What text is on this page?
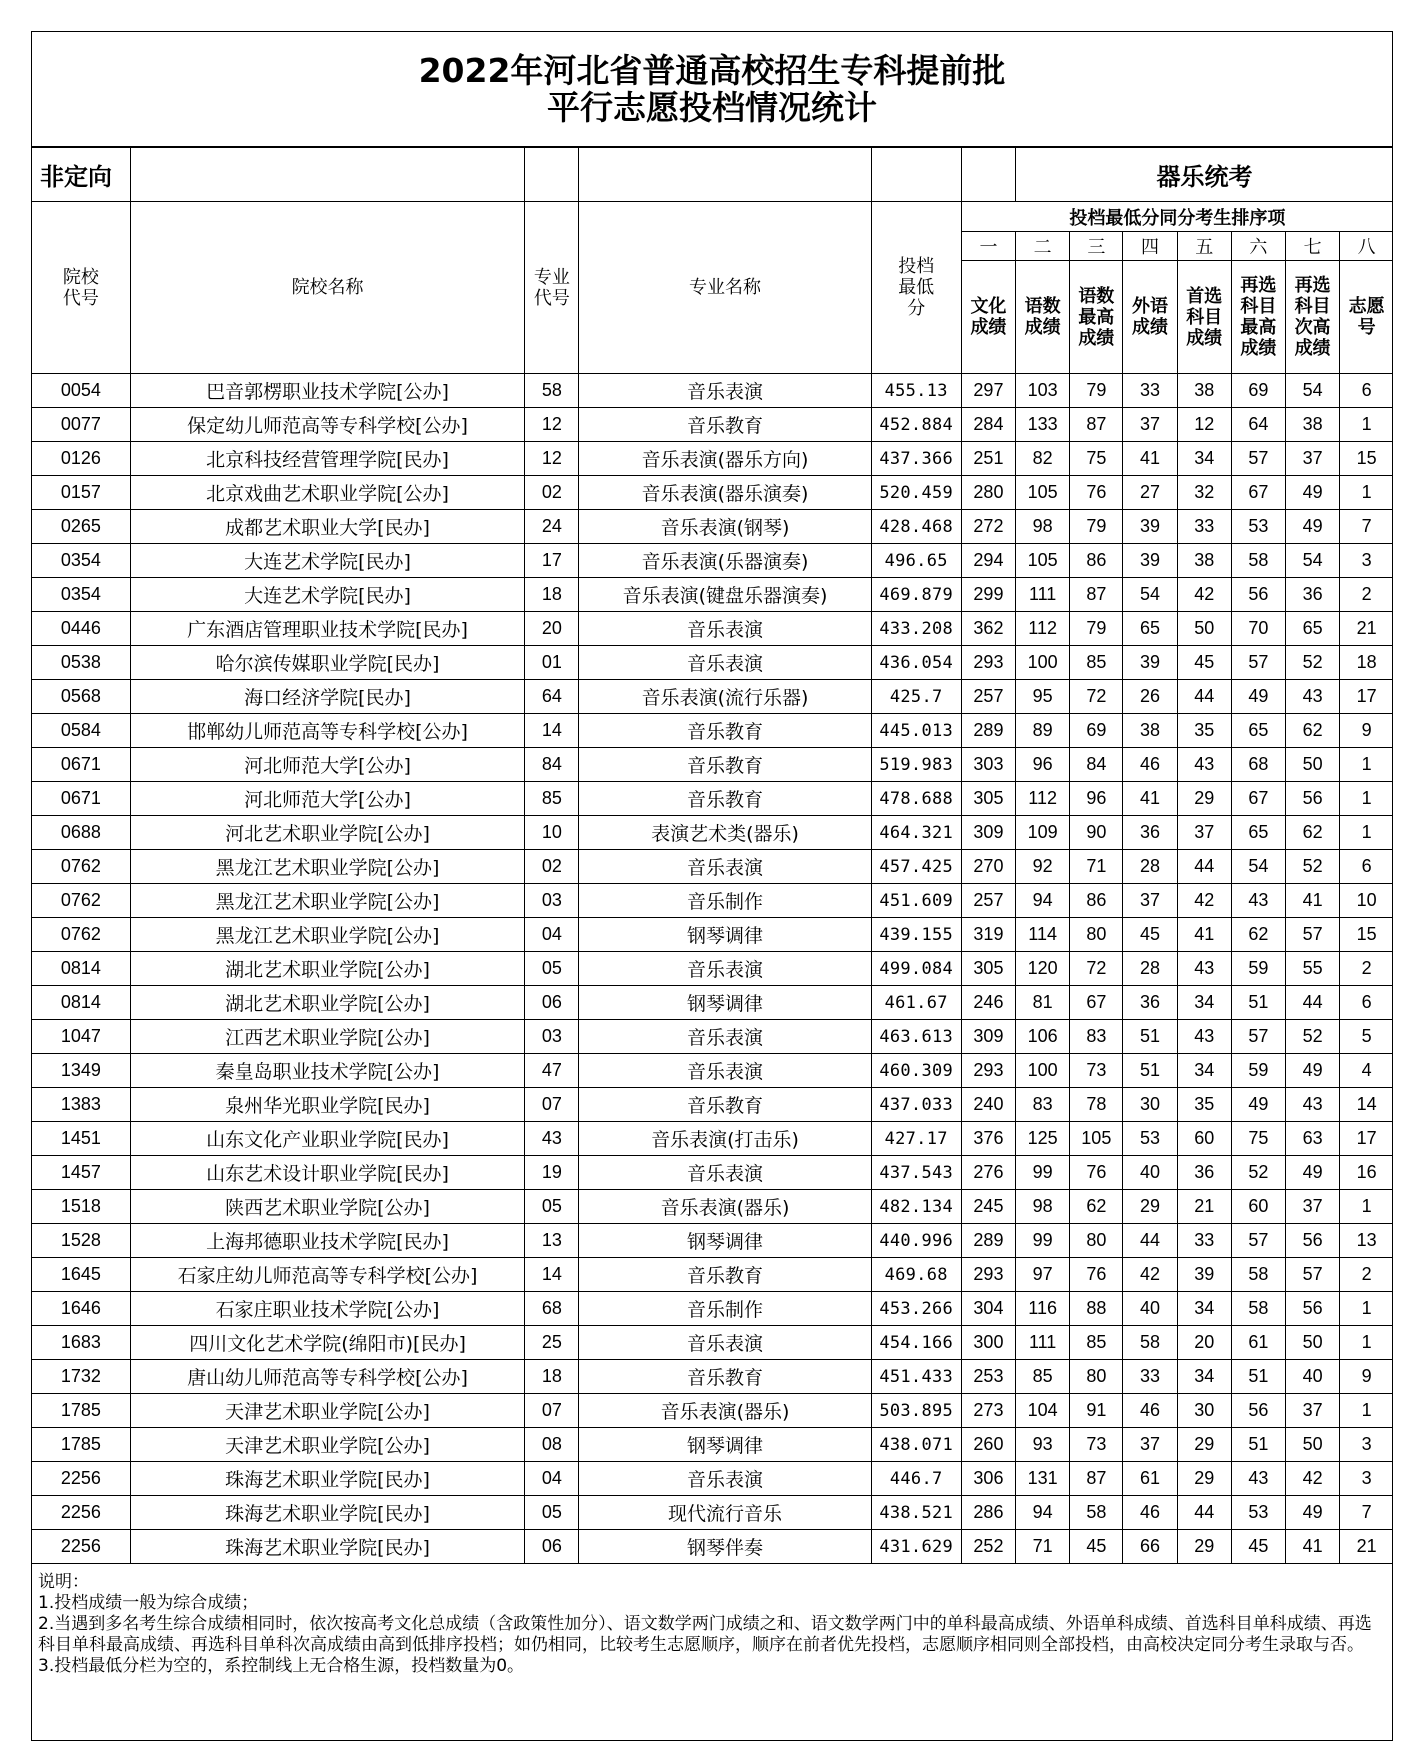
2022年河北省普通高校招生专科提前批
平行志愿投档情况统计
非定向						器乐统考						

院校代号	院校名称	专业代号	专业名称	投档最低分	投档最低分同分考生排序项							
					一	二	三	四	五	六	七	八

					文化成绩	语数成绩	语数最高成绩	外语成绩	首选科目成绩	再选科目最高成绩	再选科目次高成绩	志愿号

0054	巴音郭楞职业技术学院[公办]	58	音乐表演	455.13	297	103	79	33	38	69	54	6
0077	保定幼儿师范高等专科学校[公办]	12	音乐教育	452.884	284	133	87	37	12	64	38	1
0126	北京科技经营管理学院[民办]	12	音乐表演(器乐方向)	437.366	251	82	75	41	34	57	37	15
0157	北京戏曲艺术职业学院[公办]	02	音乐表演(器乐演奏)	520.459	280	105	76	27	32	67	49	1
0265	成都艺术职业大学[民办]	24	音乐表演(钢琴)	428.468	272	98	79	39	33	53	49	7
0354	大连艺术学院[民办]	17	音乐表演(乐器演奏)	496.65	294	105	86	39	38	58	54	3
0354	大连艺术学院[民办]	18	音乐表演(键盘乐器演奏)	469.879	299	111	87	54	42	56	36	2
0446	广东酒店管理职业技术学院[民办]	20	音乐表演	433.208	362	112	79	65	50	70	65	21
0538	哈尔滨传媒职业学院[民办]	01	音乐表演	436.054	293	100	85	39	45	57	52	18
0568	海口经济学院[民办]	64	音乐表演(流行乐器)	425.7	257	95	72	26	44	49	43	17
0584	邯郸幼儿师范高等专科学校[公办]	14	音乐教育	445.013	289	89	69	38	35	65	62	9
0671	河北师范大学[公办]	84	音乐教育	519.983	303	96	84	46	43	68	50	1
0671	河北师范大学[公办]	85	音乐教育	478.688	305	112	96	41	29	67	56	1
0688	河北艺术职业学院[公办]	10	表演艺术类(器乐)	464.321	309	109	90	36	37	65	62	1
0762	黑龙江艺术职业学院[公办]	02	音乐表演	457.425	270	92	71	28	44	54	52	6
0762	黑龙江艺术职业学院[公办]	03	音乐制作	451.609	257	94	86	37	42	43	41	10
0762	黑龙江艺术职业学院[公办]	04	钢琴调律	439.155	319	114	80	45	41	62	57	15
0814	湖北艺术职业学院[公办]	05	音乐表演	499.084	305	120	72	28	43	59	55	2
0814	湖北艺术职业学院[公办]	06	钢琴调律	461.67	246	81	67	36	34	51	44	6
1047	江西艺术职业学院[公办]	03	音乐表演	463.613	309	106	83	51	43	57	52	5
1349	秦皇岛职业技术学院[公办]	47	音乐表演	460.309	293	100	73	51	34	59	49	4
1383	泉州华光职业学院[民办]	07	音乐教育	437.033	240	83	78	30	35	49	43	14
1451	山东文化产业职业学院[民办]	43	音乐表演(打击乐)	427.17	376	125	105	53	60	75	63	17
1457	山东艺术设计职业学院[民办]	19	音乐表演	437.543	276	99	76	40	36	52	49	16
1518	陕西艺术职业学院[公办]	05	音乐表演(器乐)	482.134	245	98	62	29	21	60	37	1
1528	上海邦德职业技术学院[民办]	13	钢琴调律	440.996	289	99	80	44	33	57	56	13
1645	石家庄幼儿师范高等专科学校[公办]	14	音乐教育	469.68	293	97	76	42	39	58	57	2
1646	石家庄职业技术学院[公办]	68	音乐制作	453.266	304	116	88	40	34	58	56	1
1683	四川文化艺术学院(绵阳市)[民办]	25	音乐表演	454.166	300	111	85	58	20	61	50	1
1732	唐山幼儿师范高等专科学校[公办]	18	音乐教育	451.433	253	85	80	33	34	51	40	9
1785	天津艺术职业学院[公办]	07	音乐表演(器乐)	503.895	273	104	91	46	30	56	37	1
1785	天津艺术职业学院[公办]	08	钢琴调律	438.071	260	93	73	37	29	51	50	3
2256	珠海艺术职业学院[民办]	04	音乐表演	446.7	306	131	87	61	29	43	42	3
2256	珠海艺术职业学院[民办]	05	现代流行音乐	438.521	286	94	58	46	44	53	49	7
2256	珠海艺术职业学院[民办]	06	钢琴伴奏	431.629	252	71	45	66	29	45	41	21
说明：
1.投档成绩一般为综合成绩；
2.当遇到多名考生综合成绩相同时，依次按高考文化总成绩（含政策性加分）、语文数学两门成绩之和、语文数学两门中的单科最高成绩、外语单科成绩、首选科目单科成绩、再选科目单科最高成绩、再选科目单科次高成绩由高到低排序投档；如仍相同，比较考生志愿顺序，顺序在前者优先投档，志愿顺序相同则全部投档，由高校决定同分考生录取与否。
3.投档最低分栏为空的，系控制线上无合格生源，投档数量为0。
